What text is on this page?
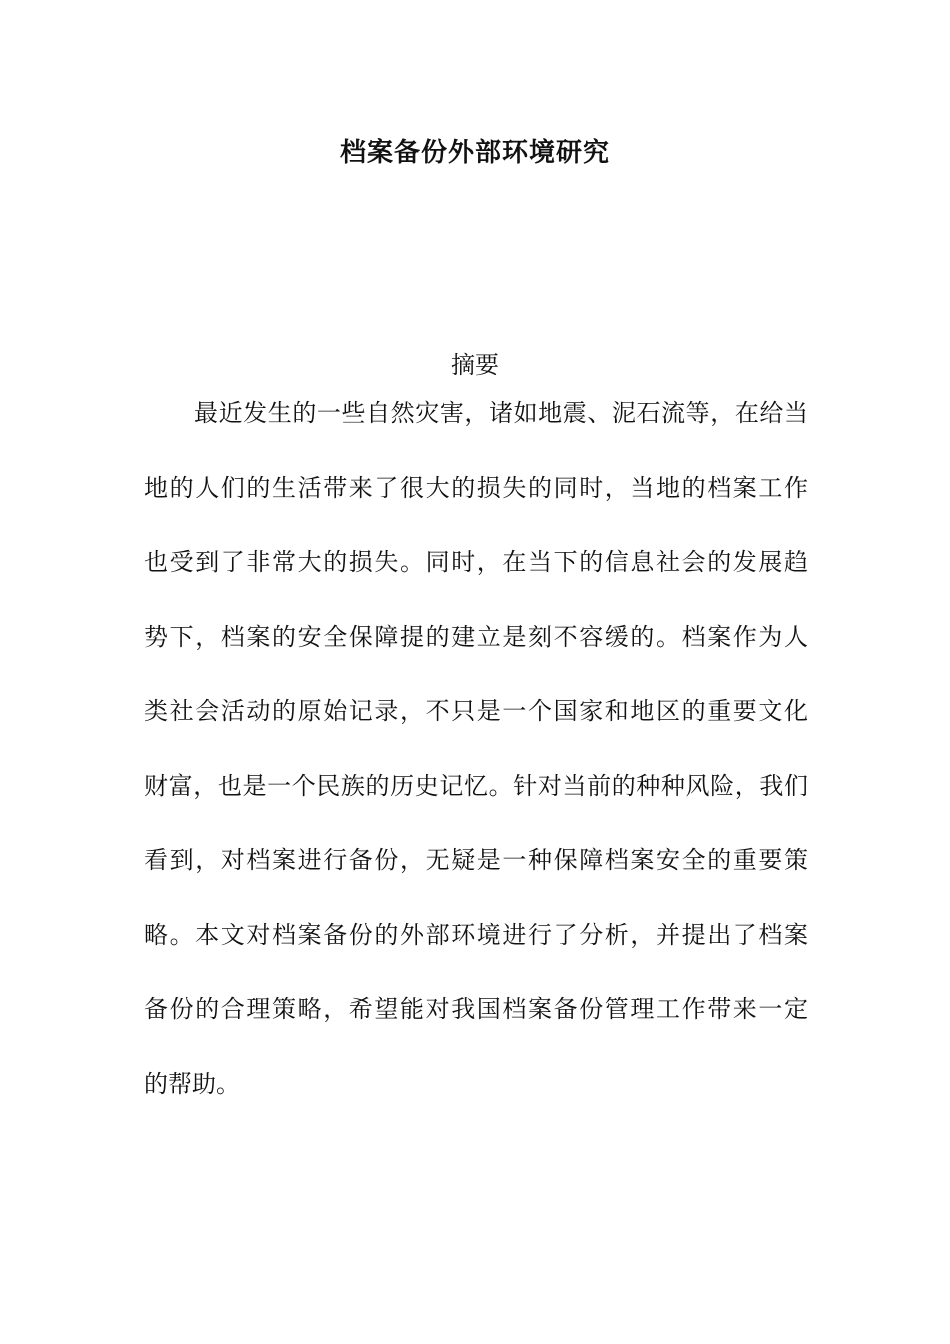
档案备份外部环境研究
摘要
最近发生的一些自然灾害，诸如地震、泥石流等，在给当
地的人们的生活带来了很大的损失的同时，当地的档案工作
也受到了非常大的损失。同时，在当下的信息社会的发展趋
势下，档案的安全保障提的建立是刻不容缓的。档案作为人
类社会活动的原始记录，不只是一个国家和地区的重要文化
财富，也是一个民族的历史记忆。针对当前的种种风险，我们
看到，对档案进行备份，无疑是一种保障档案安全的重要策
略。本文对档案备份的外部环境进行了分析，并提出了档案
备份的合理策略，希望能对我国档案备份管理工作带来一定
的帮助。
